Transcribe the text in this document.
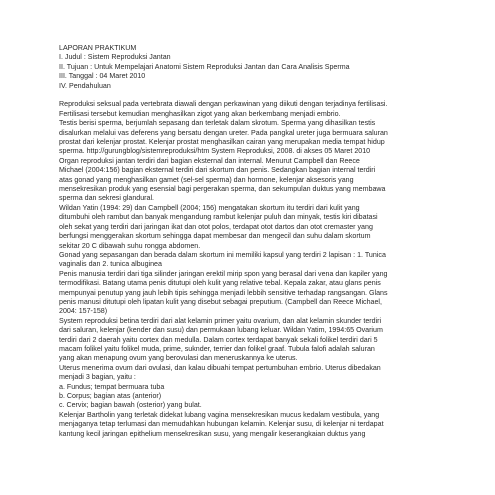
LAPORAN PRAKTIKUM

I. Judul : Sistem Reproduksi Jantan

II. Tujuan : Untuk Mempelajari Anatomi Sistem Reproduksi Jantan dan Cara Analisis Sperma

III. Tanggal : 04 Maret 2010

IV. Pendahuluan

Reproduksi seksual pada vertebrata diawali dengan perkawinan yang diikuti dengan terjadinya fertilisasi.

Fertilisasi tersebut kemudian menghasilkan zigot yang akan berkembang menjadi embrio.

Testis berisi sperma, berjumlah sepasang dan terletak dalam skrotum. Sperma yang dihasilkan testis

disalurkan melalui vas deferens yang bersatu dengan ureter. Pada pangkal ureter juga bermuara saluran

prostat dari kelenjar prostat. Kelenjar prostat menghasilkan cairan yang merupakan media tempat hidup

sperma. http://gurungblog/sistemreproduksi/htm System Reproduksi, 2008. di akses 05 Maret 2010

Organ reproduksi jantan terdiri dari bagian eksternal dan internal. Menurut Campbell dan Reece

Michael (2004:156) bagian eksternal terdiri dari skortum dan penis. Sedangkan bagian internal terdiri

atas gonad yang menghasilkan gamet (sel-sel sperma) dan hormone, kelenjar aksesoris yang

mensekresikan produk yang esensial bagi pergerakan sperma, dan sekumpulan duktus yang membawa

sperma dan sekresi glandural.

Wildan Yatin (1994: 29) dan Campbell (2004; 156) mengatakan skortum itu terdiri dari kulit yang

ditumbuhi oleh rambut dan banyak mengandung rambut kelenjar puluh dan minyak, testis kiri dibatasi

oleh sekat yang terdiri dari jaringan ikat dan otot polos, terdapat otot dartos dan otot cremaster yang

berfungsi menggerakan skortum sehingga dapat membesar dan mengecil dan suhu dalam skortum

sekitar 20 C dibawah suhu rongga abdomen.

Gonad yang sepasangan dan berada dalam skortum ini memiliki kapsul yang terdiri 2 lapisan : 1. Tunica

vaginalis dan 2. tunica albuginea

Penis manusia terdiri dari tiga silinder jaringan erektil mirip spon yang berasal dari vena dan kapiler yang

termodifikasi. Batang utama penis ditutupi oleh kulit yang relative tebal. Kepala zakar, atau glans penis

mempunyai penutup yang jauh lebih tipis sehingga menjadi lebbih sensitive terhadap rangsangan. Glans

penis manusi ditutupi oleh lipatan kulit yang disebut sebagai preputium. (Campbell dan Reece Michael,

2004: 157-158)

System reproduksi betina terdiri dari alat kelamin primer yaitu ovarium, dan alat kelamin skunder terdiri

dari saluran, kelenjar (kender dan susu) dan permukaan lubang keluar. Wildan Yatim, 1994:65 Ovarium

terdiri dari 2 daerah yaitu cortex dan medulla. Dalam cortex terdapat banyak sekali folikel terdiri dari 5

macam folikel yaitu folikel muda, prime, suknder, terrier dan folikel graaf. Tubula falofi adalah saluran

yang akan menapung ovum yang berovulasi dan meneruskannya ke uterus.

Uterus menerima ovum dari ovulasi, dan kalau dibuahi tempat pertumbuhan embrio. Uterus dibedakan

menjadi 3 bagian, yaitu :

a. Fundus; tempat bermuara tuba

b. Corpus; bagian atas (anterior)

c. Cervix; bagian bawah (osterior) yang bulat.

Kelenjar Bartholin yang terletak didekat lubang vagina mensekresikan mucus kedalam vestibula, yang

menjaganya tetap terlumasi dan memudahkan hubungan kelamin. Kelenjar susu, di kelenjar ni terdapat

kantung kecil jaringan epithelium mensekresikan susu, yang mengalir keserangkaian duktus yang
